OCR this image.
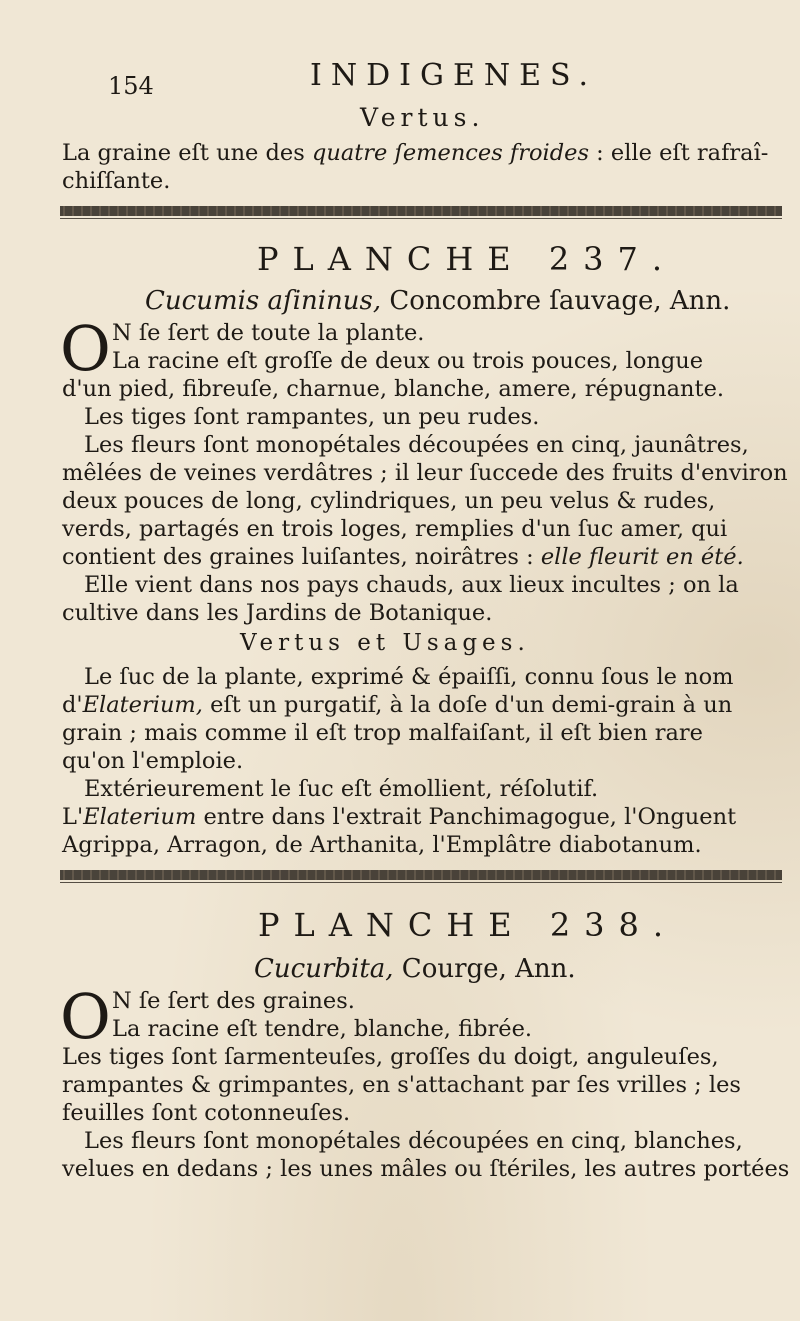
154	INDIGENES.
Vertus.
La graine eſt une des quatre ſemences froides : elle eſt rafraî-
chiſſante.
PLANCHE 237.
Cucumis aſininus, Concombre ſauvage, Ann.
O N ſe ſert de toute la plante.
La racine eſt groſſe de deux ou trois pouces, longue
d'un pied, fibreuſe, charnue, blanche, amere, répugnante.
Les tiges ſont rampantes, un peu rudes.
Les fleurs ſont monopétales découpées en cinq, jaunâtres,
mêlées de veines verdâtres ; il leur ſuccede des fruits d'environ
deux pouces de long, cylindriques, un peu velus & rudes,
verds, partagés en trois loges, remplies d'un ſuc amer, qui
contient des graines luiſantes, noirâtres : elle fleurit en été.
Elle vient dans nos pays chauds, aux lieux incultes ; on la
cultive dans les Jardins de Botanique.
Vertus et Usages.
Le ſuc de la plante, exprimé & épaiſſi, connu ſous le nom
d'Elaterium, eſt un purgatif, à la doſe d'un demi-grain à un
grain ; mais comme il eſt trop malfaiſant, il eſt bien rare
qu'on l'emploie.
Extérieurement le ſuc eſt émollient, réſolutif.
L'Elaterium entre dans l'extrait Panchimagogue, l'Onguent
Agrippa, Arragon, de Arthanita, l'Emplâtre diabotanum.
PLANCHE 238.
Cucurbita, Courge, Ann.
O N ſe ſert des graines.
La racine eſt tendre, blanche, fibrée.
Les tiges ſont ſarmenteuſes, groſſes du doigt, anguleuſes,
rampantes & grimpantes, en s'attachant par ſes vrilles ; les
feuilles ſont cotonneuſes.
Les fleurs ſont monopétales découpées en cinq, blanches,
velues en dedans ; les unes mâles ou ſtériles, les autres portées
